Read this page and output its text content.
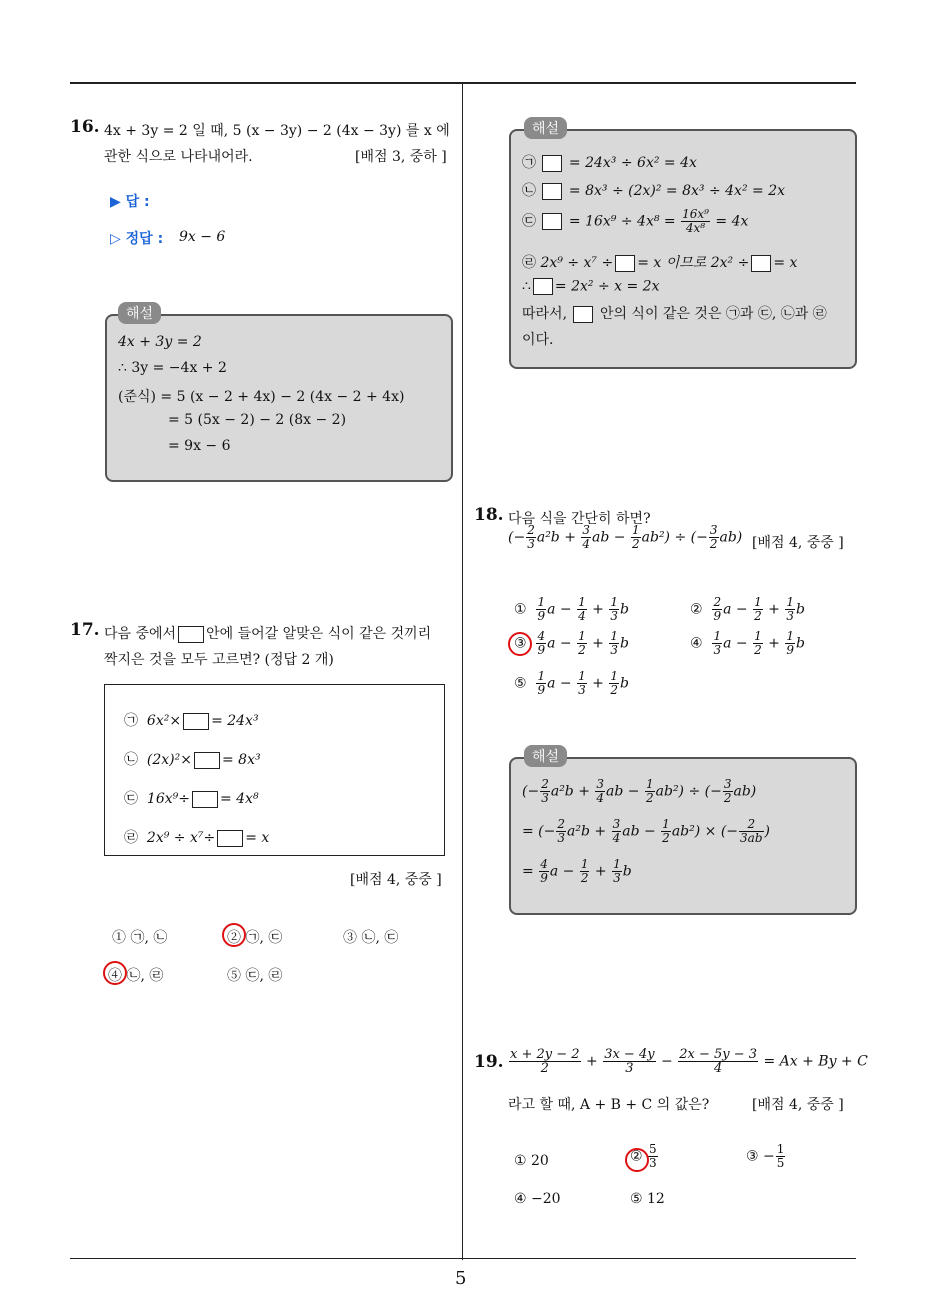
5
16. 4x + 3y = 2 일 때, 5 (x − 3y) − 2 (4x − 3y) 를 x 에
관한 식으로 나타내어라.	[배점 3, 중하 ]
▶ 답 :
▷ 정답 : 9x − 6
해설
4x + 3y = 2
∴ 3y = −4x + 2
(준식) = 5 (x − 2 + 4x) − 2 (4x − 2 + 4x)
= 5 (5x − 2) − 2 (8x − 2)
= 9x − 6
17. 다음 중에서 안에 들어갈 알맞은 식이 같은 것끼리
짝지은 것을 모두 고르면? (정답 2 개)
㉠ 6x²× = 24x³
㉡ (2x)²× = 8x³
㉢ 16x⁹÷ = 4x⁸
㉣ 2x⁹ ÷ x⁷÷ = x
[배점 4, 중중 ]
① ㉠, ㉡	② ㉠, ㉢	③ ㉡, ㉢
④ ㉡, ㉣	⑤ ㉢, ㉣
해설
㉠ = 24x³ ÷ 6x² = 4x
㉡ = 8x³ ÷ (2x)² = 8x³ ÷ 4x² = 2x
㉢ = $16x^9 \div 4x^8 = \frac{\text{16x⁹}}{\text{4x⁸}} = 4x$
㉣ 2x⁹ ÷ x⁷ ÷ = x 이므로 2x² ÷ = x
∴ = 2x² ÷ x = 2x
따라서, 안의 식이 같은 것은 ㉠과 ㉢, ㉡과 ㉣
이다.
18. 다음 식을 간단히 하면?
(− $\frac{2}{3} a^2b + \frac{3}{4}$ ab − $\frac{1}{2} ab^2$) ÷ (− $\frac{3}{2} ab$) [배점 4, 중중 ]
① $\frac{1}{9}$ $a - \frac{1}{4} + \frac{1}{3}$ b	② $\frac{2}{9}$ $a - \frac{1}{2} + \frac{1}{3}$ b
③ $\frac{4}{9}$ $a - \frac{1}{2} + \frac{1}{3}$ b	④ $\frac{1}{3}$ $a - \frac{1}{2} + \frac{1}{9}$ b
⑤ $\frac{1}{9}$ $a - \frac{1}{3} + \frac{1}{2}$ b
해설
(− $\frac{2}{3} a^2b + \frac{3}{4}$ ab − $\frac{1}{2} ab^2$) ÷ (− $\frac{3}{2} ab$)
= (− $\frac{2}{3} a^2b + \frac{3}{4}$ ab − $\frac{1}{2} ab^2$) × (− $\frac{2}{3ab}$ )
= $\frac{4}{9}$ $a - \frac{1}{2} + \frac{1}{3}$ b
19. $\frac{x + 2y - 2}{2} + \frac{3x - 4y}{3} - \frac{2x - 5y - 3}{4} = Ax + By + C$
라고 할 때, A + B + C 의 값은?	[배점 4, 중중 ]
① 20	② $\frac{5}{3}$	③ − $\frac{1}{5}$
④ −20	⑤ 12
